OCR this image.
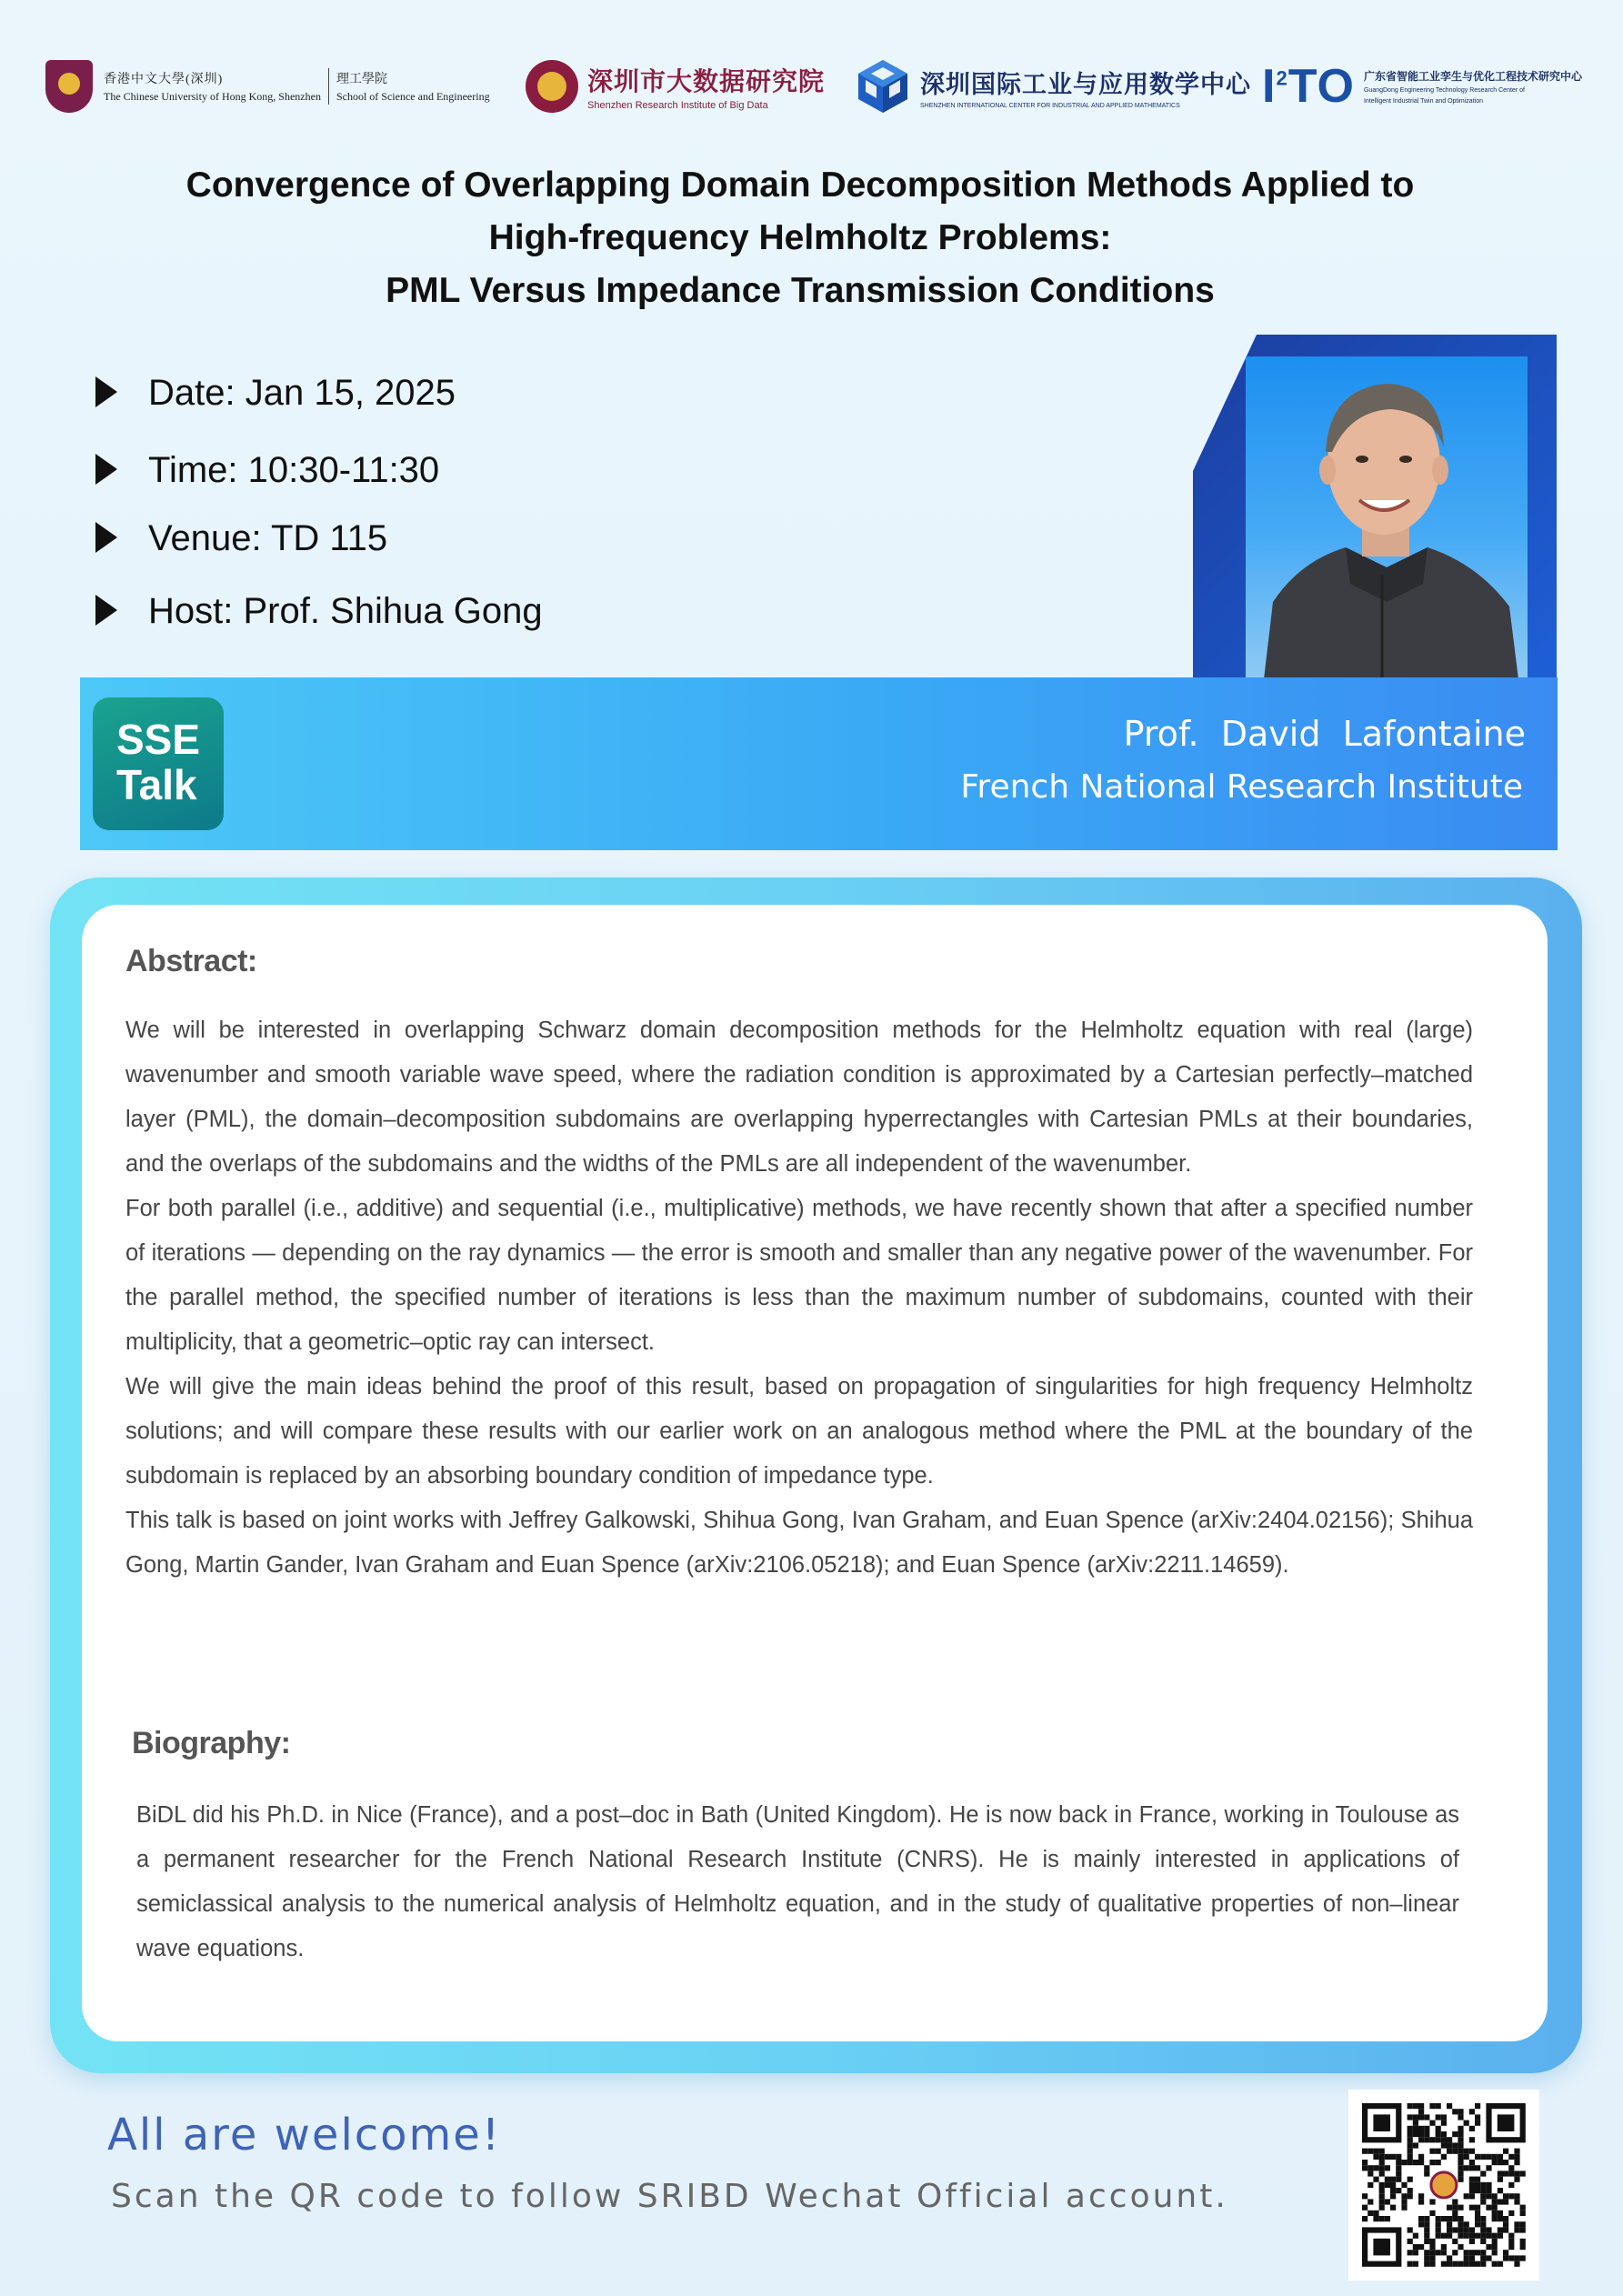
香港中文大學(深圳)
The Chinese University of Hong Kong, Shenzhen
理工學院
School of Science and Engineering
深圳市大数据研究院
Shenzhen Research Institute of Big Data
深圳国际工业与应用数学中心
SHENZHEN INTERNATIONAL CENTER FOR INDUSTRIAL AND APPLIED MATHEMATICS	$I^2TO$ 广东省智能工业孪生与优化工程技术研究中心
GuangDong Engineering Technology Research Center of
Intelligent Industrial Twin and Optimization
Convergence of Overlapping Domain Decomposition Methods Applied to
High-frequency Helmholtz Problems:
PML Versus Impedance Transmission Conditions
Date: Jan 15, 2025
Time: 10:30-11:30
Venue: TD 115
Host: Prof. Shihua Gong
SSE
Talk
Prof.  David  Lafontaine
French National Research Institute
Abstract:

We will be interested in overlapping Schwarz domain decomposition methods for the Helmholtz equation with real (large) wavenumber and smooth variable wave speed, where the radiation condition is approximated by a Cartesian perfectly–matched layer (PML), the domain–decomposition subdomains are overlapping hyperrectangles with Cartesian PMLs at their boundaries, and the overlaps of the subdomains and the widths of the PMLs are all independent of the wavenumber.

For both parallel (i.e., additive) and sequential (i.e., multiplicative) methods, we have recently shown that after a specified number of iterations — depending on the ray dynamics — the error is smooth and smaller than any negative power of the wavenumber. For the parallel method, the specified number of iterations is less than the maximum number of subdomains, counted with their multiplicity, that a geometric–optic ray can intersect.

We will give the main ideas behind the proof of this result, based on propagation of singularities for high frequency Helmholtz solutions; and will compare these results with our earlier work on an analogous method where the PML at the boundary of the subdomain is replaced by an absorbing boundary condition of impedance type.

This talk is based on joint works with Jeffrey Galkowski, Shihua Gong, Ivan Graham, and Euan Spence (arXiv:2404.02156); Shihua Gong, Martin Gander, Ivan Graham and Euan Spence (arXiv:2106.05218); and Euan Spence (arXiv:2211.14659).

Biography:

BiDL did his Ph.D. in Nice (France), and a post–doc in Bath (United Kingdom). He is now back in France, working in Toulouse as a permanent researcher for the French National Research Institute (CNRS). He is mainly interested in applications of semiclassical analysis to the numerical analysis of Helmholtz equation, and in the study of qualitative properties of non–linear wave equations.

All are welcome!
Scan the QR code to follow SRIBD Wechat Official account.
